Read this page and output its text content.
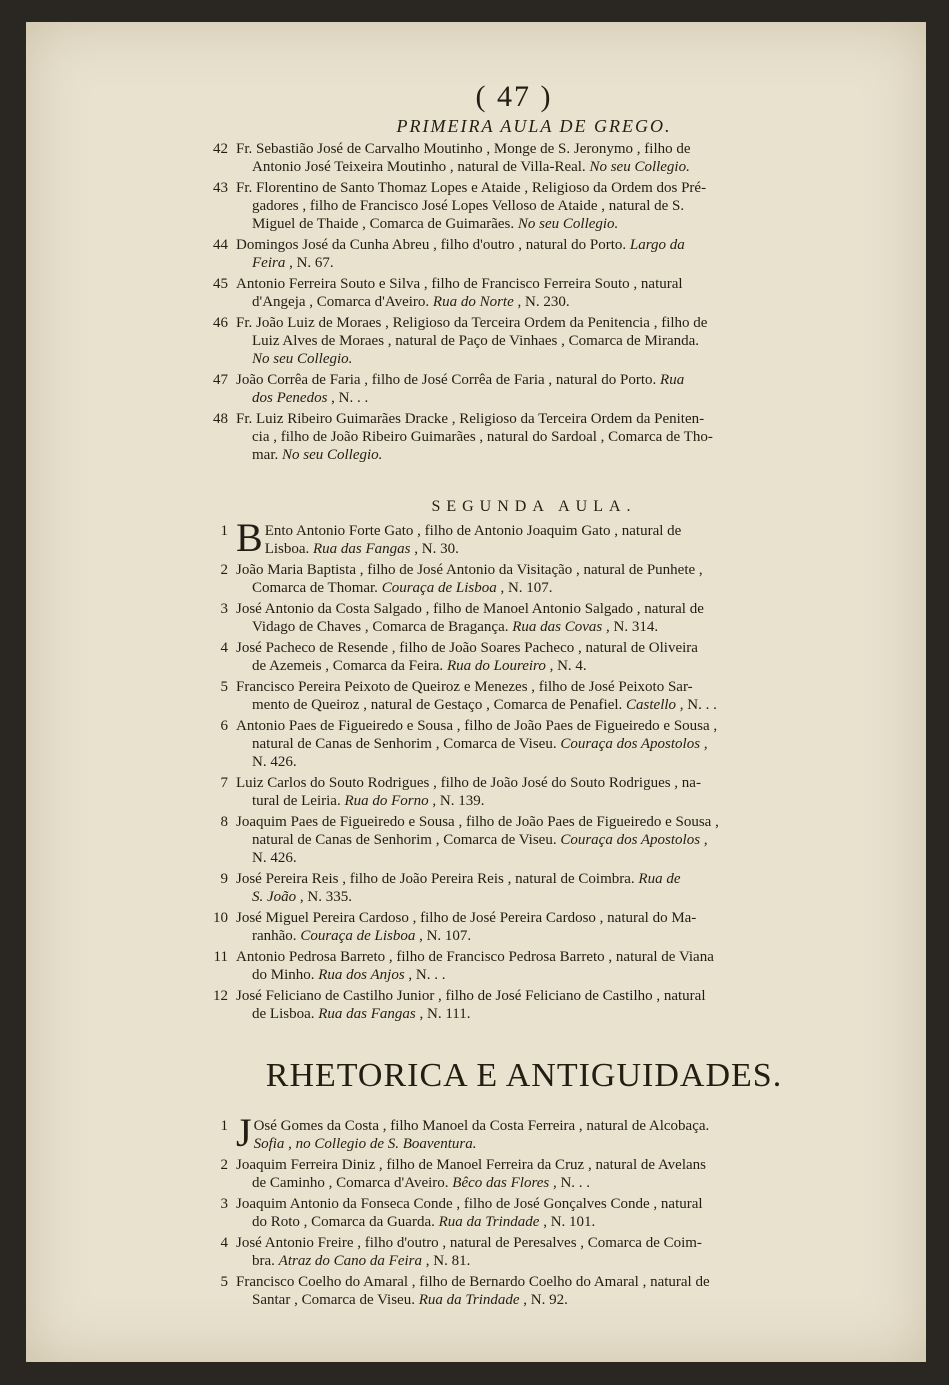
( 47 )
PRIMEIRA AULA DE GREGO.
42 Fr. Sebastião José de Carvalho Moutinho , Monge de S. Jeronymo , filho de
Antonio José Teixeira Moutinho , natural de Villa-Real. No seu Collegio.
43 Fr. Florentino de Santo Thomaz Lopes e Ataide , Religioso da Ordem dos Pré-
gadores , filho de Francisco José Lopes Velloso de Ataide , natural de S.
Miguel de Thaide , Comarca de Guimarães. No seu Collegio.
44 Domingos José da Cunha Abreu , filho d'outro , natural do Porto. Largo da
Feira , N. 67.
45 Antonio Ferreira Souto e Silva , filho de Francisco Ferreira Souto , natural
d'Angeja , Comarca d'Aveiro. Rua do Norte , N. 230.
46 Fr. João Luiz de Moraes , Religioso da Terceira Ordem da Penitencia , filho de
Luiz Alves de Moraes , natural de Paço de Vinhaes , Comarca de Miranda.
No seu Collegio.
47 João Corrêa de Faria , filho de José Corrêa de Faria , natural do Porto. Rua
dos Penedos , N. . .
48 Fr. Luiz Ribeiro Guimarães Dracke , Religioso da Terceira Ordem da Peniten-
cia , filho de João Ribeiro Guimarães , natural do Sardoal , Comarca de Tho-
mar. No seu Collegio.
SEGUNDA AULA.
1 B Ento Antonio Forte Gato , filho de Antonio Joaquim Gato , natural de
Lisboa. Rua das Fangas , N. 30.
2 João Maria Baptista , filho de José Antonio da Visitação , natural de Punhete ,
Comarca de Thomar. Couraça de Lisboa , N. 107.
3 José Antonio da Costa Salgado , filho de Manoel Antonio Salgado , natural de
Vidago de Chaves , Comarca de Bragança. Rua das Covas , N. 314.
4 José Pacheco de Resende , filho de João Soares Pacheco , natural de Oliveira
de Azemeis , Comarca da Feira. Rua do Loureiro , N. 4.
5 Francisco Pereira Peixoto de Queiroz e Menezes , filho de José Peixoto Sar-
mento de Queiroz , natural de Gestaço , Comarca de Penafiel. Castello , N. . .
6 Antonio Paes de Figueiredo e Sousa , filho de João Paes de Figueiredo e Sousa ,
natural de Canas de Senhorim , Comarca de Viseu. Couraça dos Apostolos ,
N. 426.
7 Luiz Carlos do Souto Rodrigues , filho de João José do Souto Rodrigues , na-
tural de Leiria. Rua do Forno , N. 139.
8 Joaquim Paes de Figueiredo e Sousa , filho de João Paes de Figueiredo e Sousa ,
natural de Canas de Senhorim , Comarca de Viseu. Couraça dos Apostolos ,
N. 426.
9 José Pereira Reis , filho de João Pereira Reis , natural de Coimbra. Rua de
S. João , N. 335.
10 José Miguel Pereira Cardoso , filho de José Pereira Cardoso , natural do Ma-
ranhão. Couraça de Lisboa , N. 107.
11 Antonio Pedrosa Barreto , filho de Francisco Pedrosa Barreto , natural de Viana
do Minho. Rua dos Anjos , N. . .
12 José Feliciano de Castilho Junior , filho de José Feliciano de Castilho , natural
de Lisboa. Rua das Fangas , N. 111.
RHETORICA E ANTIGUIDADES.
1 J Osé Gomes da Costa , filho Manoel da Costa Ferreira , natural de Alcobaça.
Sofia , no Collegio de S. Boaventura.
2 Joaquim Ferreira Diniz , filho de Manoel Ferreira da Cruz , natural de Avelans
de Caminho , Comarca d'Aveiro. Bêco das Flores , N. . .
3 Joaquim Antonio da Fonseca Conde , filho de José Gonçalves Conde , natural
do Roto , Comarca da Guarda. Rua da Trindade , N. 101.
4 José Antonio Freire , filho d'outro , natural de Peresalves , Comarca de Coim-
bra. Atraz do Cano da Feira , N. 81.
5 Francisco Coelho do Amaral , filho de Bernardo Coelho do Amaral , natural de
Santar , Comarca de Viseu. Rua da Trindade , N. 92.
